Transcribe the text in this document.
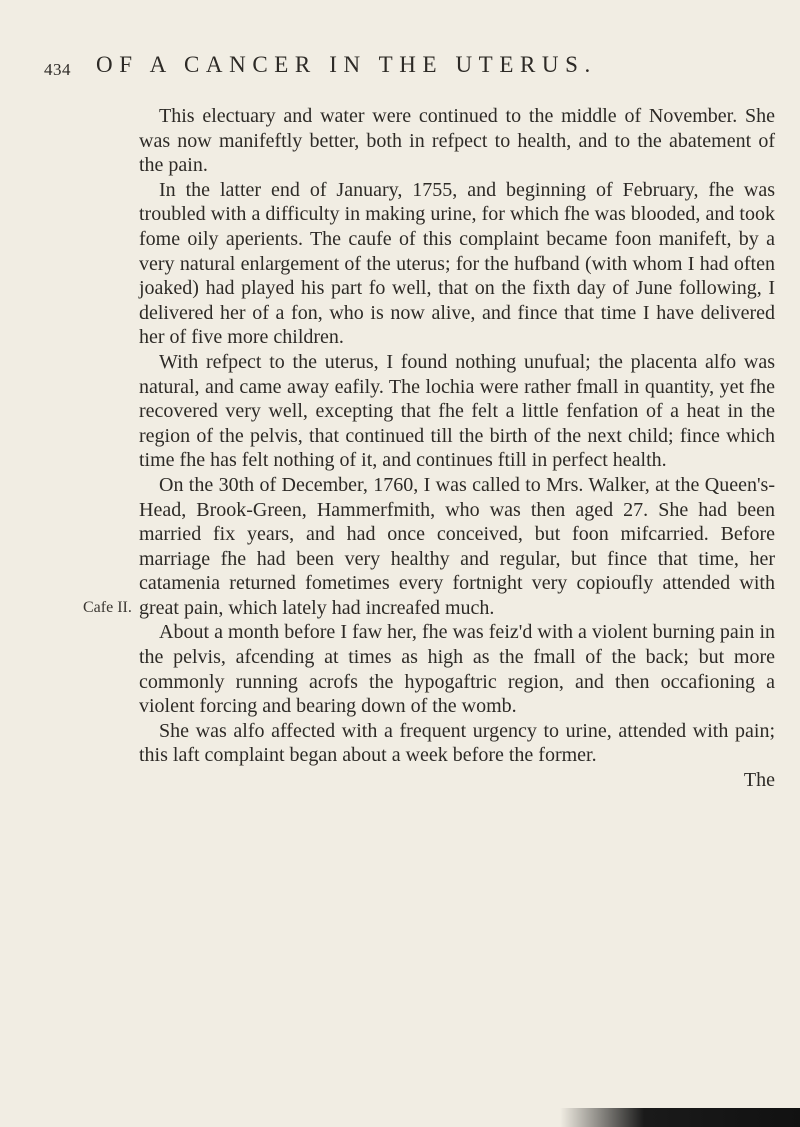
434 OF A CANCER IN THE UTERUS.
Cafe II.

This electuary and water were continued to the middle of November. She was now manifeftly better, both in refpect to health, and to the abatement of the pain.

In the latter end of January, 1755, and beginning of February, fhe was troubled with a difficulty in making urine, for which fhe was blooded, and took fome oily aperients. The caufe of this complaint became foon manifeft, by a very natural enlargement of the uterus; for the hufband (with whom I had often joaked) had played his part fo well, that on the fixth day of June following, I delivered her of a fon, who is now alive, and fince that time I have delivered her of five more children.

With refpect to the uterus, I found nothing unufual; the placenta alfo was natural, and came away eafily. The lochia were rather fmall in quantity, yet fhe recovered very well, excepting that fhe felt a little fenfation of a heat in the region of the pelvis, that continued till the birth of the next child; fince which time fhe has felt nothing of it, and continues ftill in perfect health.

On the 30th of December, 1760, I was called to Mrs. Walker, at the Queen's-Head, Brook-Green, Hammerfmith, who was then aged 27. She had been married fix years, and had once conceived, but foon mifcarried. Before marriage fhe had been very healthy and regular, but fince that time, her catamenia returned fometimes every fortnight very copioufly attended with great pain, which lately had increafed much.

About a month before I faw her, fhe was feiz'd with a violent burning pain in the pelvis, afcending at times as high as the fmall of the back; but more commonly running acrofs the hypogaftric region, and then occafioning a violent forcing and bearing down of the womb.

She was alfo affected with a frequent urgency to urine, attended with pain; this laft complaint began about a week before the former.

The
